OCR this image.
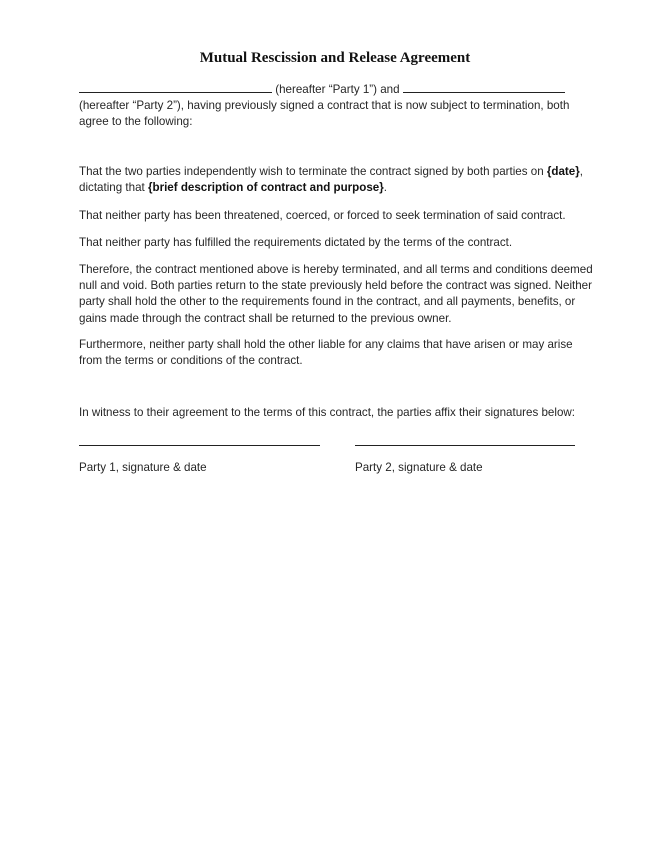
Mutual Rescission and Release Agreement
(hereafter “Party 1”) and
(hereafter “Party 2”), having previously signed a contract that is now subject to termination, both agree to the following:
That the two parties independently wish to terminate the contract signed by both parties on {date}, dictating that {brief description of contract and purpose}.
That neither party has been threatened, coerced, or forced to seek termination of said contract.
That neither party has fulfilled the requirements dictated by the terms of the contract.
Therefore, the contract mentioned above is hereby terminated, and all terms and conditions deemed null and void. Both parties return to the state previously held before the contract was signed. Neither party shall hold the other to the requirements found in the contract, and all payments, benefits, or gains made through the contract shall be returned to the previous owner.
Furthermore, neither party shall hold the other liable for any claims that have arisen or may arise from the terms or conditions of the contract.
In witness to their agreement to the terms of this contract, the parties affix their signatures below:
Party 1, signature & date	Party 2, signature & date
